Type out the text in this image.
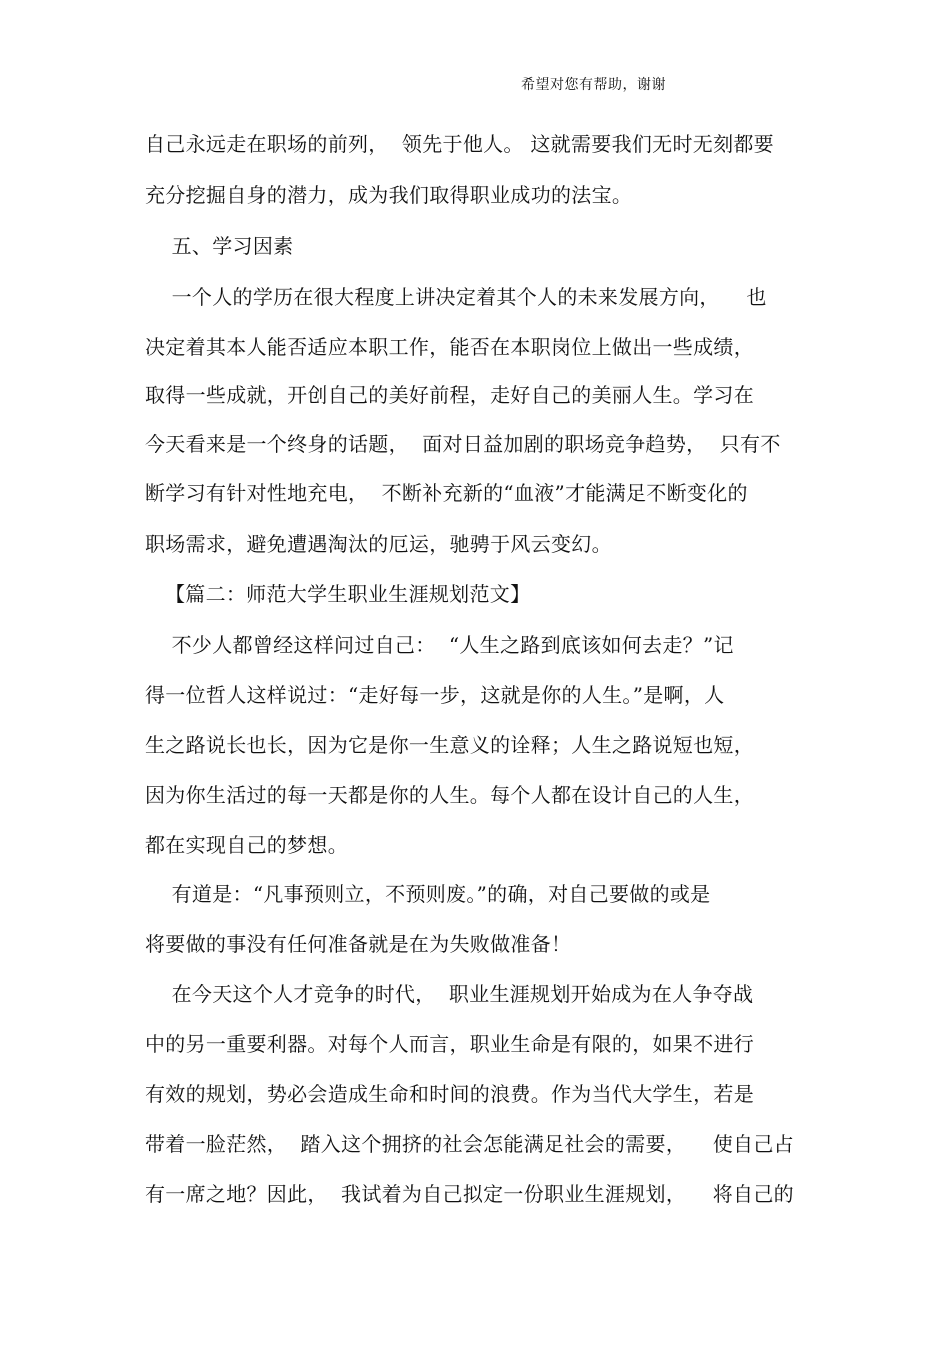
希望对您有帮助，谢谢
自己永远走在职场的前列，  领先于他人。 这就需要我们无时无刻都要
充分挖掘自身的潜力，成为我们取得职业成功的法宝。
五、学习因素
一个人的学历在很大程度上讲决定着其个人的未来发展方向，    也
决定着其本人能否适应本职工作，能否在本职岗位上做出一些成绩，
取得一些成就，开创自己的美好前程，走好自己的美丽人生。学习在
今天看来是一个终身的话题，  面对日益加剧的职场竞争趋势，  只有不
断学习有针对性地充电，  不断补充新的“血液”才能满足不断变化的
职场需求，避免遭遇淘汰的厄运，驰骋于风云变幻。
【篇二：师范大学生职业生涯规划范文】
不少人都曾经这样问过自己：  “人生之路到底该如何去走？”记
得一位哲人这样说过：“走好每一步，这就是你的人生。”是啊，人
生之路说长也长，因为它是你一生意义的诠释；人生之路说短也短，
因为你生活过的每一天都是你的人生。每个人都在设计自己的人生，
都在实现自己的梦想。
有道是：“凡事预则立，不预则废。”的确，对自己要做的或是
将要做的事没有任何准备就是在为失败做准备！
在今天这个人才竞争的时代，  职业生涯规划开始成为在人争夺战
中的另一重要利器。对每个人而言，职业生命是有限的，如果不进行
有效的规划，势必会造成生命和时间的浪费。作为当代大学生，若是
带着一脸茫然，  踏入这个拥挤的社会怎能满足社会的需要，    使自己占
有一席之地？因此，  我试着为自己拟定一份职业生涯规划，    将自己的
